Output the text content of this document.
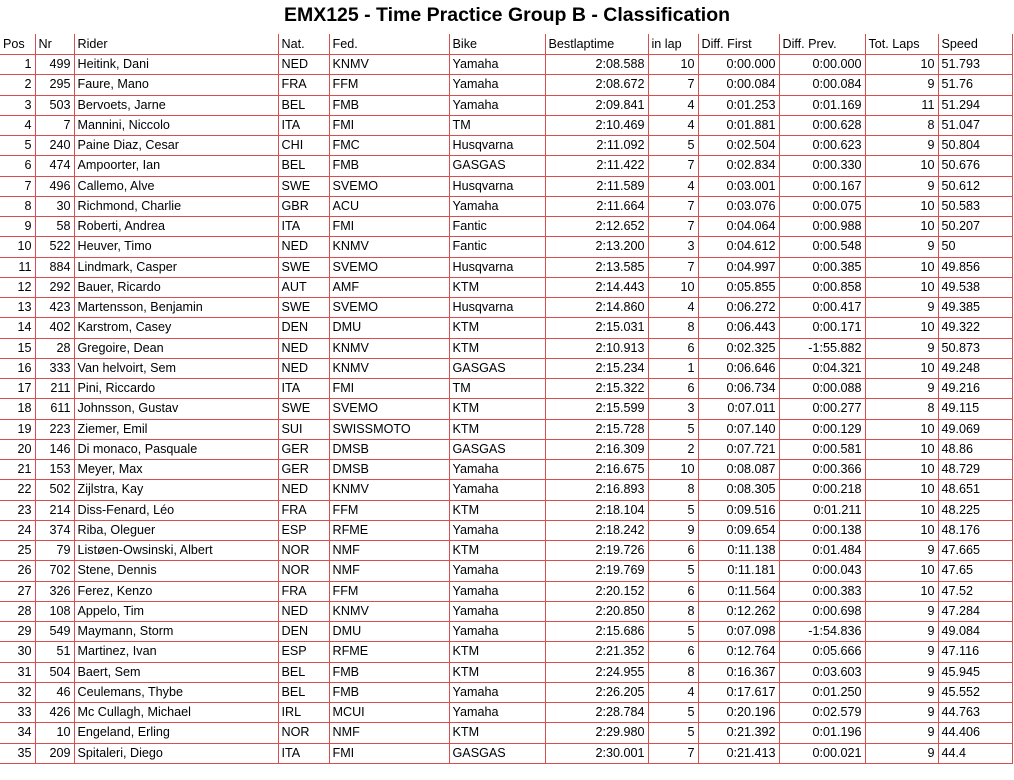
EMX125 - Time Practice Group B - Classification
Pos	Nr	Rider	Nat.	Fed.	Bike	Bestlaptime	in lap	Diff. First	Diff. Prev.	Tot. Laps	Speed
1	499	Heitink, Dani	NED	KNMV	Yamaha	2:08.588	10	0:00.000	0:00.000	10	51.793
2	295	Faure, Mano	FRA	FFM	Yamaha	2:08.672	7	0:00.084	0:00.084	9	51.76
3	503	Bervoets, Jarne	BEL	FMB	Yamaha	2:09.841	4	0:01.253	0:01.169	11	51.294
4	7	Mannini, Niccolo	ITA	FMI	TM	2:10.469	4	0:01.881	0:00.628	8	51.047
5	240	Paine Diaz, Cesar	CHI	FMC	Husqvarna	2:11.092	5	0:02.504	0:00.623	9	50.804
6	474	Ampoorter, Ian	BEL	FMB	GASGAS	2:11.422	7	0:02.834	0:00.330	10	50.676
7	496	Callemo, Alve	SWE	SVEMO	Husqvarna	2:11.589	4	0:03.001	0:00.167	9	50.612
8	30	Richmond, Charlie	GBR	ACU	Yamaha	2:11.664	7	0:03.076	0:00.075	10	50.583
9	58	Roberti, Andrea	ITA	FMI	Fantic	2:12.652	7	0:04.064	0:00.988	10	50.207
10	522	Heuver, Timo	NED	KNMV	Fantic	2:13.200	3	0:04.612	0:00.548	9	50
11	884	Lindmark, Casper	SWE	SVEMO	Husqvarna	2:13.585	7	0:04.997	0:00.385	10	49.856
12	292	Bauer, Ricardo	AUT	AMF	KTM	2:14.443	10	0:05.855	0:00.858	10	49.538
13	423	Martensson, Benjamin	SWE	SVEMO	Husqvarna	2:14.860	4	0:06.272	0:00.417	9	49.385
14	402	Karstrom, Casey	DEN	DMU	KTM	2:15.031	8	0:06.443	0:00.171	10	49.322
15	28	Gregoire, Dean	NED	KNMV	KTM	2:10.913	6	0:02.325	-1:55.882	9	50.873
16	333	Van helvoirt, Sem	NED	KNMV	GASGAS	2:15.234	1	0:06.646	0:04.321	10	49.248
17	211	Pini, Riccardo	ITA	FMI	TM	2:15.322	6	0:06.734	0:00.088	9	49.216
18	611	Johnsson, Gustav	SWE	SVEMO	KTM	2:15.599	3	0:07.011	0:00.277	8	49.115
19	223	Ziemer, Emil	SUI	SWISSMOTO	KTM	2:15.728	5	0:07.140	0:00.129	10	49.069
20	146	Di monaco, Pasquale	GER	DMSB	GASGAS	2:16.309	2	0:07.721	0:00.581	10	48.86
21	153	Meyer, Max	GER	DMSB	Yamaha	2:16.675	10	0:08.087	0:00.366	10	48.729
22	502	Zijlstra, Kay	NED	KNMV	Yamaha	2:16.893	8	0:08.305	0:00.218	10	48.651
23	214	Diss-Fenard, Léo	FRA	FFM	KTM	2:18.104	5	0:09.516	0:01.211	10	48.225
24	374	Riba, Oleguer	ESP	RFME	Yamaha	2:18.242	9	0:09.654	0:00.138	10	48.176
25	79	Listøen-Owsinski, Albert	NOR	NMF	KTM	2:19.726	6	0:11.138	0:01.484	9	47.665
26	702	Stene, Dennis	NOR	NMF	Yamaha	2:19.769	5	0:11.181	0:00.043	10	47.65
27	326	Ferez, Kenzo	FRA	FFM	Yamaha	2:20.152	6	0:11.564	0:00.383	10	47.52
28	108	Appelo, Tim	NED	KNMV	Yamaha	2:20.850	8	0:12.262	0:00.698	9	47.284
29	549	Maymann, Storm	DEN	DMU	Yamaha	2:15.686	5	0:07.098	-1:54.836	9	49.084
30	51	Martinez, Ivan	ESP	RFME	KTM	2:21.352	6	0:12.764	0:05.666	9	47.116
31	504	Baert, Sem	BEL	FMB	KTM	2:24.955	8	0:16.367	0:03.603	9	45.945
32	46	Ceulemans, Thybe	BEL	FMB	Yamaha	2:26.205	4	0:17.617	0:01.250	9	45.552
33	426	Mc Cullagh, Michael	IRL	MCUI	Yamaha	2:28.784	5	0:20.196	0:02.579	9	44.763
34	10	Engeland, Erling	NOR	NMF	KTM	2:29.980	5	0:21.392	0:01.196	9	44.406
35	209	Spitaleri, Diego	ITA	FMI	GASGAS	2:30.001	7	0:21.413	0:00.021	9	44.4
